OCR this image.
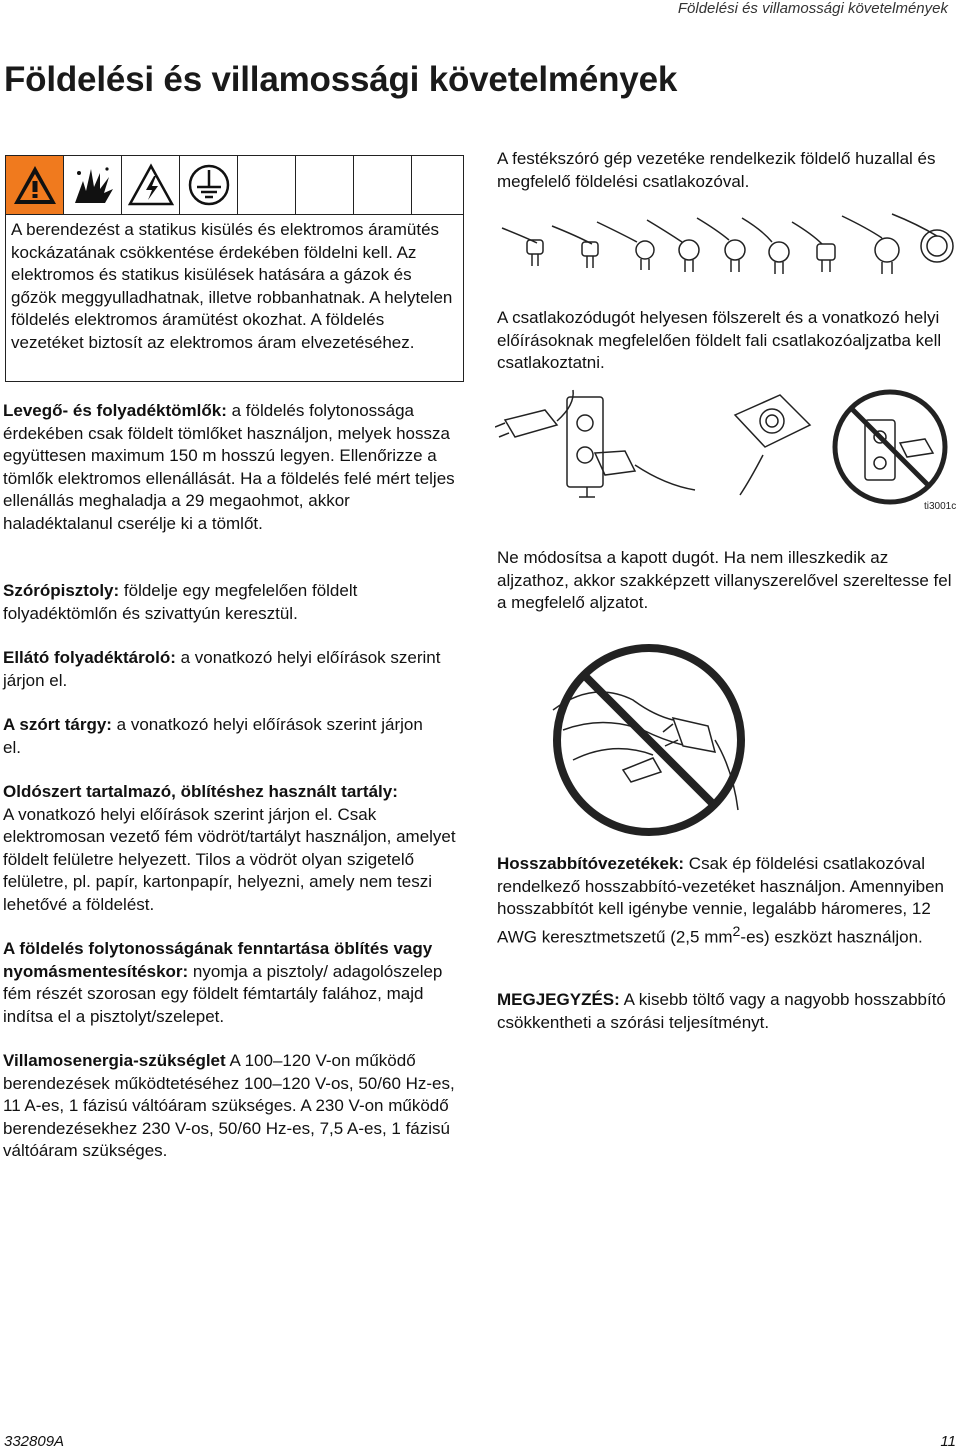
Földelési és villamossági követelmények
Földelési és villamossági követelmények

A berendezést a statikus kisülés és elektromos áramütés kockázatának csökkentése érdekében földelni kell. Az elektromos és statikus kisülések hatására a gázok és gőzök meggyulladhatnak, illetve robbanhatnak. A helytelen földelés elektromos áramütést okozhat. A földelés vezetéket biztosít az elektromos áram elvezetéséhez.

Levegő- és folyadéktömlők: a földelés folytonossága érdekében csak földelt tömlőket használjon, melyek hossza együttesen maximum 150 m hosszú legyen. Ellenőrizze a tömlők elektromos ellenállását. Ha a földelés felé mért teljes ellenállás meghaladja a 29 megaohmot, akkor haladéktalanul cserélje ki a tömlőt.

Szórópisztoly: földelje egy megfelelően földelt folyadéktömlőn és szivattyún keresztül.

Ellátó folyadéktároló: a vonatkozó helyi előírások szerint járjon el.

A szórt tárgy: a vonatkozó helyi előírások szerint járjon el.

Oldószert tartalmazó, öblítéshez használt tartály:
A vonatkozó helyi előírások szerint járjon el. Csak elektromosan vezető fém vödröt/tartályt használjon, amelyet földelt felületre helyezett. Tilos a vödröt olyan szigetelő felületre, pl. papír, kartonpapír, helyezni, amely nem teszi lehetővé a földelést.

A földelés folytonosságának fenntartása öblítés vagy nyomásmentesítéskor: nyomja a pisztoly/ adagolószelep fém részét szorosan egy földelt fémtartály falához, majd indítsa el a pisztolyt/szelepet.

Villamosenergia-szükséglet A 100–120 V-on működő berendezések működtetéséhez 100–120 V-os, 50/60 Hz-es, 11 A-es, 1 fázisú váltóáram szükséges. A 230 V-on működő berendezésekhez 230 V-os, 50/60 Hz-es, 7,5 A-es, 1 fázisú váltóáram szükséges.

A festékszóró gép vezetéke rendelkezik földelő huzallal és megfelelő földelési csatlakozóval.

A csatlakozódugót helyesen fölszerelt és a vonatkozó helyi előírásoknak megfelelően földelt fali csatlakozóaljzatba kell csatlakoztatni.

ti3001c

Ne módosítsa a kapott dugót. Ha nem illeszkedik az aljzathoz, akkor szakképzett villanyszerelővel szereltesse fel a megfelelő aljzatot.

Hosszabbítóvezetékek: Csak ép földelési csatlakozóval rendelkező hosszabbító-vezetéket használjon. Amennyiben hosszabbítót kell igénybe vennie, legalább háromeres, 12 AWG keresztmetszetű (2,5 $mm^2-es$) eszközt használjon.

MEGJEGYZÉS: A kisebb töltő vagy a nagyobb hosszabbító csökkentheti a szórási teljesítményt.

332809A	11
